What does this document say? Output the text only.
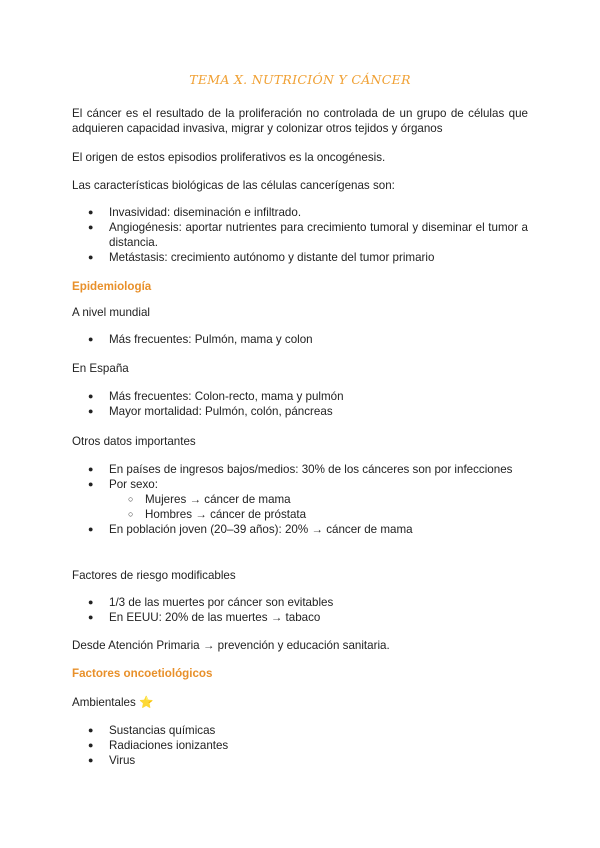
TEMA X. NUTRICIÓN Y CÁNCER
El cáncer es el resultado de la proliferación no controlada de un grupo de células que adquieren capacidad invasiva, migrar y colonizar otros tejidos y órganos
El origen de estos episodios proliferativos es la oncogénesis.
Las características biológicas de las células cancerígenas son:
● Invasividad: diseminación e infiltrado.
● Angiogénesis: aportar nutrientes para crecimiento tumoral y diseminar el tumor a distancia.
● Metástasis: crecimiento autónomo y distante del tumor primario
Epidemiología
A nivel mundial
● Más frecuentes: Pulmón, mama y colon
En España
● Más frecuentes: Colon-recto, mama y pulmón
● Mayor mortalidad: Pulmón, colón, páncreas
Otros datos importantes
● En países de ingresos bajos/medios: 30% de los cánceres son por infecciones
● Por sexo:
○ Mujeres → cáncer de mama
○ Hombres → cáncer de próstata
● En población joven (20–39 años): 20% → cáncer de mama
Factores de riesgo modificables
● 1/3 de las muertes por cáncer son evitables
● En EEUU: 20% de las muertes → tabaco
Desde Atención Primaria → prevención y educación sanitaria.
Factores oncoetiológicos
Ambientales ⭐
● Sustancias químicas
● Radiaciones ionizantes
● Virus
